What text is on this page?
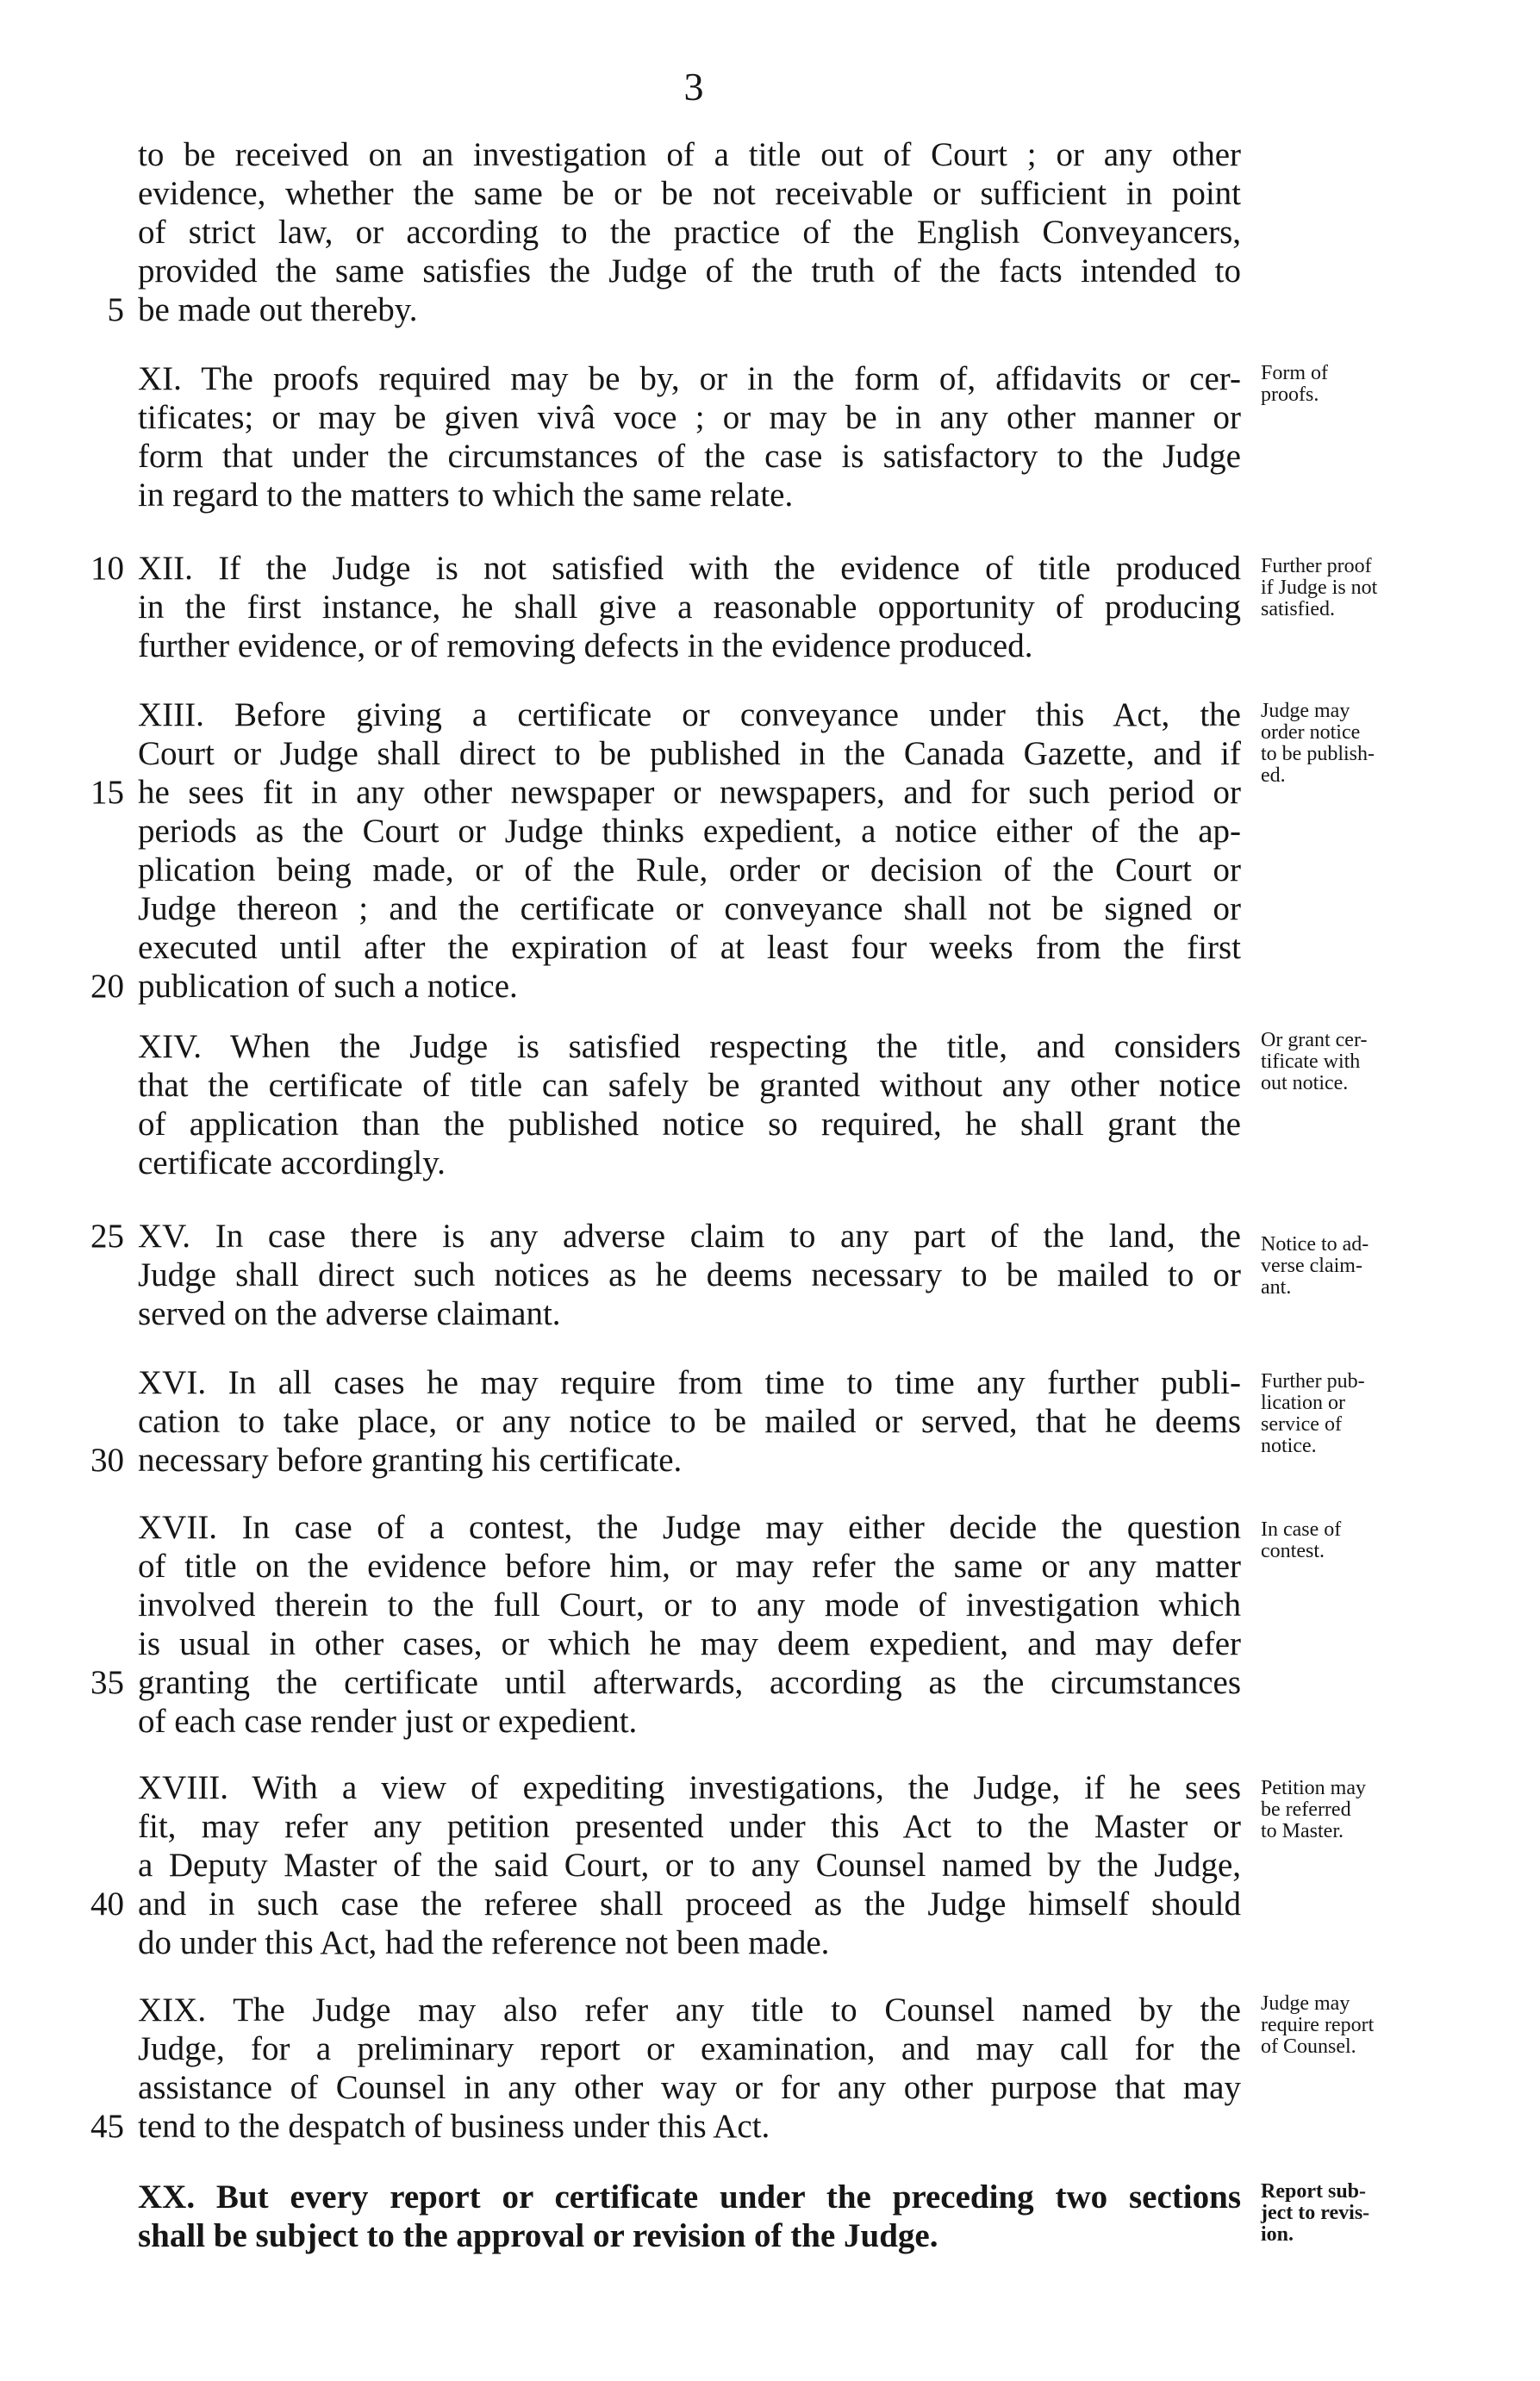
3
to be received on an investigation of a title out of Court ; or any other
evidence, whether the same be or be not receivable or sufficient in point
of strict law, or according to the practice of the English Conveyancers,
provided the same satisfies the Judge of the truth of the facts intended to
be made out thereby.
XI. The proofs required may be by, or in the form of, affidavits or cer-
tificates; or may be given vivâ voce ; or may be in any other manner or
form that under the circumstances of the case is satisfactory to the Judge
in regard to the matters to which the same relate.
XII. If the Judge is not satisfied with the evidence of title produced
in the first instance, he shall give a reasonable opportunity of producing
further evidence, or of removing defects in the evidence produced.
XIII. Before giving a certificate or conveyance under this Act, the
Court or Judge shall direct to be published in the Canada Gazette, and if
he sees fit in any other newspaper or newspapers, and for such period or
periods as the Court or Judge thinks expedient, a notice either of the ap-
plication being made, or of the Rule, order or decision of the Court or
Judge thereon ; and the certificate or conveyance shall not be signed or
executed until after the expiration of at least four weeks from the first
publication of such a notice.
XIV. When the Judge is satisfied respecting the title, and considers
that the certificate of title can safely be granted without any other notice
of application than the published notice so required, he shall grant the
certificate accordingly.
XV. In case there is any adverse claim to any part of the land, the
Judge shall direct such notices as he deems necessary to be mailed to or
served on the adverse claimant.
XVI. In all cases he may require from time to time any further publi-
cation to take place, or any notice to be mailed or served, that he deems
necessary before granting his certificate.
XVII. In case of a contest, the Judge may either decide the question
of title on the evidence before him, or may refer the same or any matter
involved therein to the full Court, or to any mode of investigation which
is usual in other cases, or which he may deem expedient, and may defer
granting the certificate until afterwards, according as the circumstances
of each case render just or expedient.
XVIII. With a view of expediting investigations, the Judge, if he sees
fit, may refer any petition presented under this Act to the Master or
a Deputy Master of the said Court, or to any Counsel named by the Judge,
and in such case the referee shall proceed as the Judge himself should
do under this Act, had the reference not been made.
XIX. The Judge may also refer any title to Counsel named by the
Judge, for a preliminary report or examination, and may call for the
assistance of Counsel in any other way or for any other purpose that may
tend to the despatch of business under this Act.
XX. But every report or certificate under the preceding two sections
shall be subject to the approval or revision of the Judge.
5
10
15
20
25
30
35
40
45
Form of
proofs.
Further proof
if Judge is not
satisfied.
Judge may
order notice
to be publish-
ed.
Or grant cer-
tificate with
out notice.
Notice to ad-
verse claim-
ant.
Further pub-
lication or
service of
notice.
In case of
contest.
Petition may
be referred
to Master.
Judge may
require report
of Counsel.
Report sub-
ject to revis-
ion.
